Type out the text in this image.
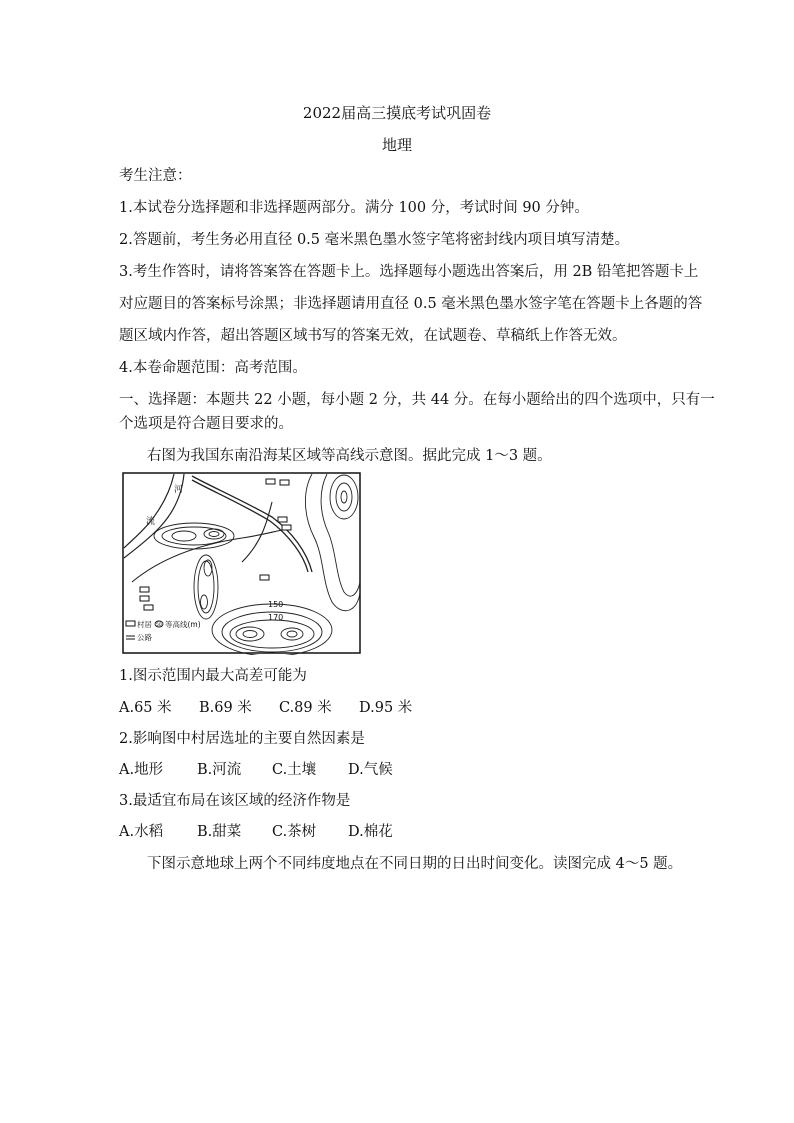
2022届高三摸底考试巩固卷
地理
考生注意：
1.本试卷分选择题和非选择题两部分。满分 100 分，考试时间 90 分钟。
2.答题前，考生务必用直径 0.5 毫米黑色墨水签字笔将密封线内项目填写清楚。
3.考生作答时，请将答案答在答题卡上。选择题每小题选出答案后，用 2B 铅笔把答题卡上
对应题目的答案标号涂黑；非选择题请用直径 0.5 毫米黑色墨水签字笔在答题卡上各题的答
题区域内作答，超出答题区域书写的答案无效，在试题卷、草稿纸上作答无效。
4.本卷命题范围：高考范围。
一、选择题：本题共 22 小题，每小题 2 分，共 44 分。在每小题给出的四个选项中，只有一
个选项是符合题目要求的。
右图为我国东南沿海某区域等高线示意图。据此完成 1～3 题。
河
流
150
170
村居 50 等高线(m)
公路
1.图示范围内最大高差可能为
A.65 米 B.69 米 C.89 米 D.95 米
2.影响图中村居选址的主要自然因素是
A.地形 B.河流 C.土壤 D.气候
3.最适宜布局在该区域的经济作物是
A.水稻 B.甜菜 C.茶树 D.棉花
下图示意地球上两个不同纬度地点在不同日期的日出时间变化。读图完成 4～5 题。
